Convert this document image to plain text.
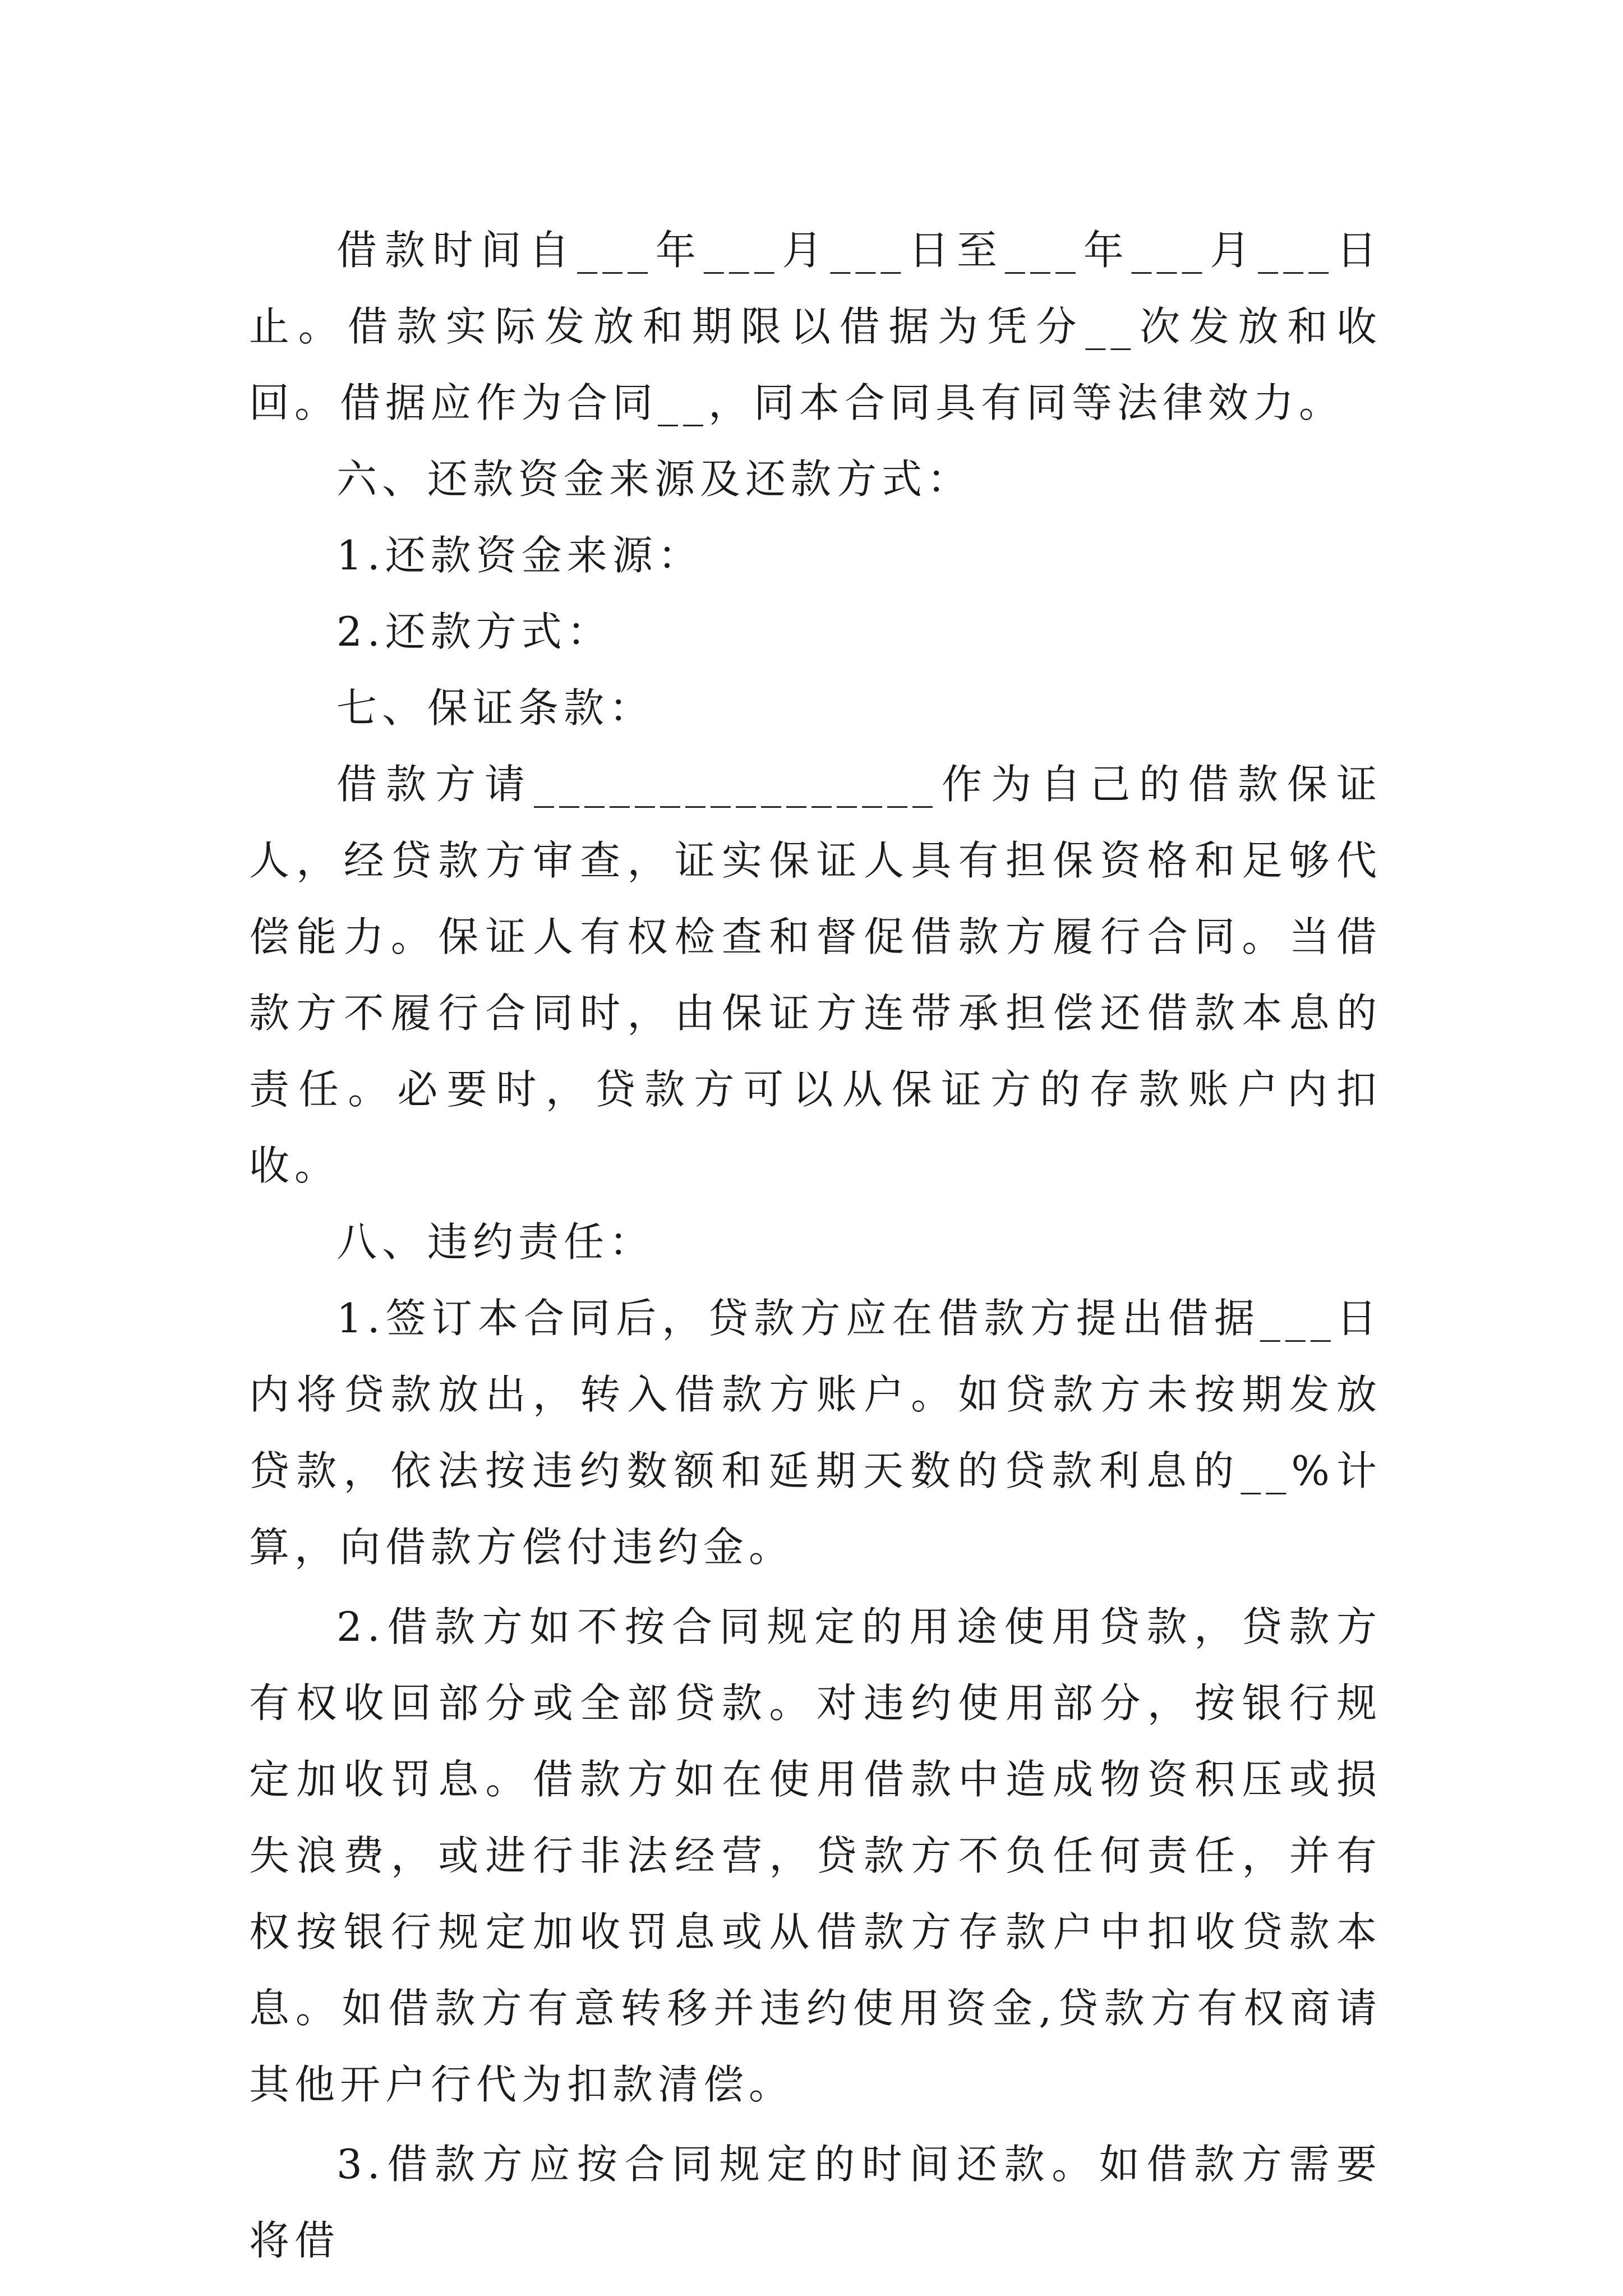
借款时间自___年___月___日至___年___月___日止。借款实际发放和期限以借据为凭分__次发放和收回。借据应作为合同__，同本合同具有同等法律效力。

六、还款资金来源及还款方式：

1.还款资金来源：

2.还款方式：

七、保证条款：

借款方请________________作为自己的借款保证人，经贷款方审查，证实保证人具有担保资格和足够代偿能力。保证人有权检查和督促借款方履行合同。当借款方不履行合同时，由保证方连带承担偿还借款本息的责任。必要时，贷款方可以从保证方的存款账户内扣收。

八、违约责任：

1.签订本合同后，贷款方应在借款方提出借据___日内将贷款放出，转入借款方账户。如贷款方未按期发放贷款，依法按违约数额和延期天数的贷款利息的__%计算，向借款方偿付违约金。

2.借款方如不按合同规定的用途使用贷款，贷款方有权收回部分或全部贷款。对违约使用部分，按银行规定加收罚息。借款方如在使用借款中造成物资积压或损失浪费，或进行非法经营，贷款方不负任何责任，并有权按银行规定加收罚息或从借款方存款户中扣收贷款本息。如借款方有意转移并违约使用资金,贷款方有权商请其他开户行代为扣款清偿。

3.借款方应按合同规定的时间还款。如借款方需要将借
